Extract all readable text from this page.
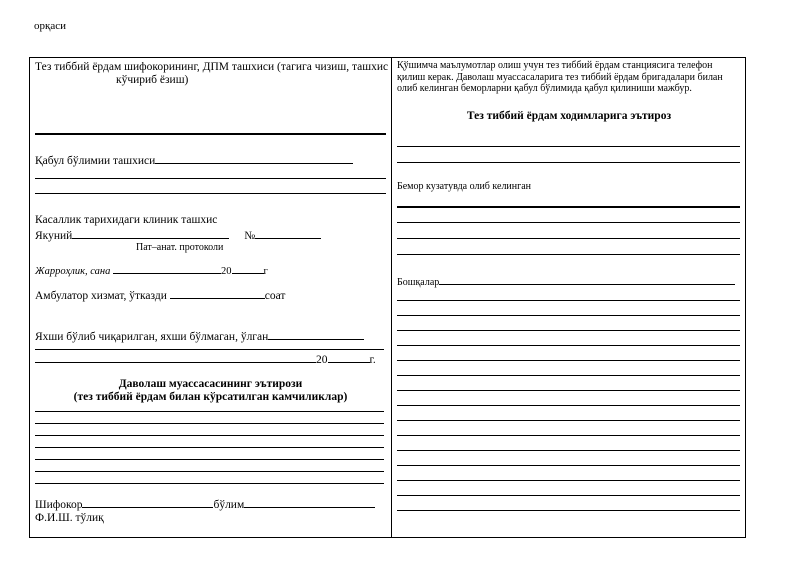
орқаси
Тез тиббий ёрдам шифокорининг, ДПМ ташхиси (тагига чизиш, ташхис
кўчириб ёзиш)
Қабул бўлимии ташхиси
Касаллик тарихидаги клиник ташхис
Якуний	№
Пат–анат. протоколи
Жарроҳлик, сана	20	г
Амбулатор хизмат, ўтказди	соат
Яхши бўлиб чиқарилган, яхши бўлмаган, ўлган
20	г.
Даволаш муассасасининг эътирози
(тез тиббий ёрдам билан кўрсатилган камчиликлар)
Шифокор	бўлим
Ф.И.Ш. тўлиқ
Қўшимча маълумотлар олиш учун тез тиббий ёрдам станциясига телефон
қилиш керак. Даволаш муассасаларига тез тиббий ёрдам бригадалари билан
олиб келинган беморларни қабул бўлимида қабул қилиниши мажбур.
Тез тиббий ёрдам ходимларига эътироз
Бемор кузатувда олиб келинган
Бошқалар
